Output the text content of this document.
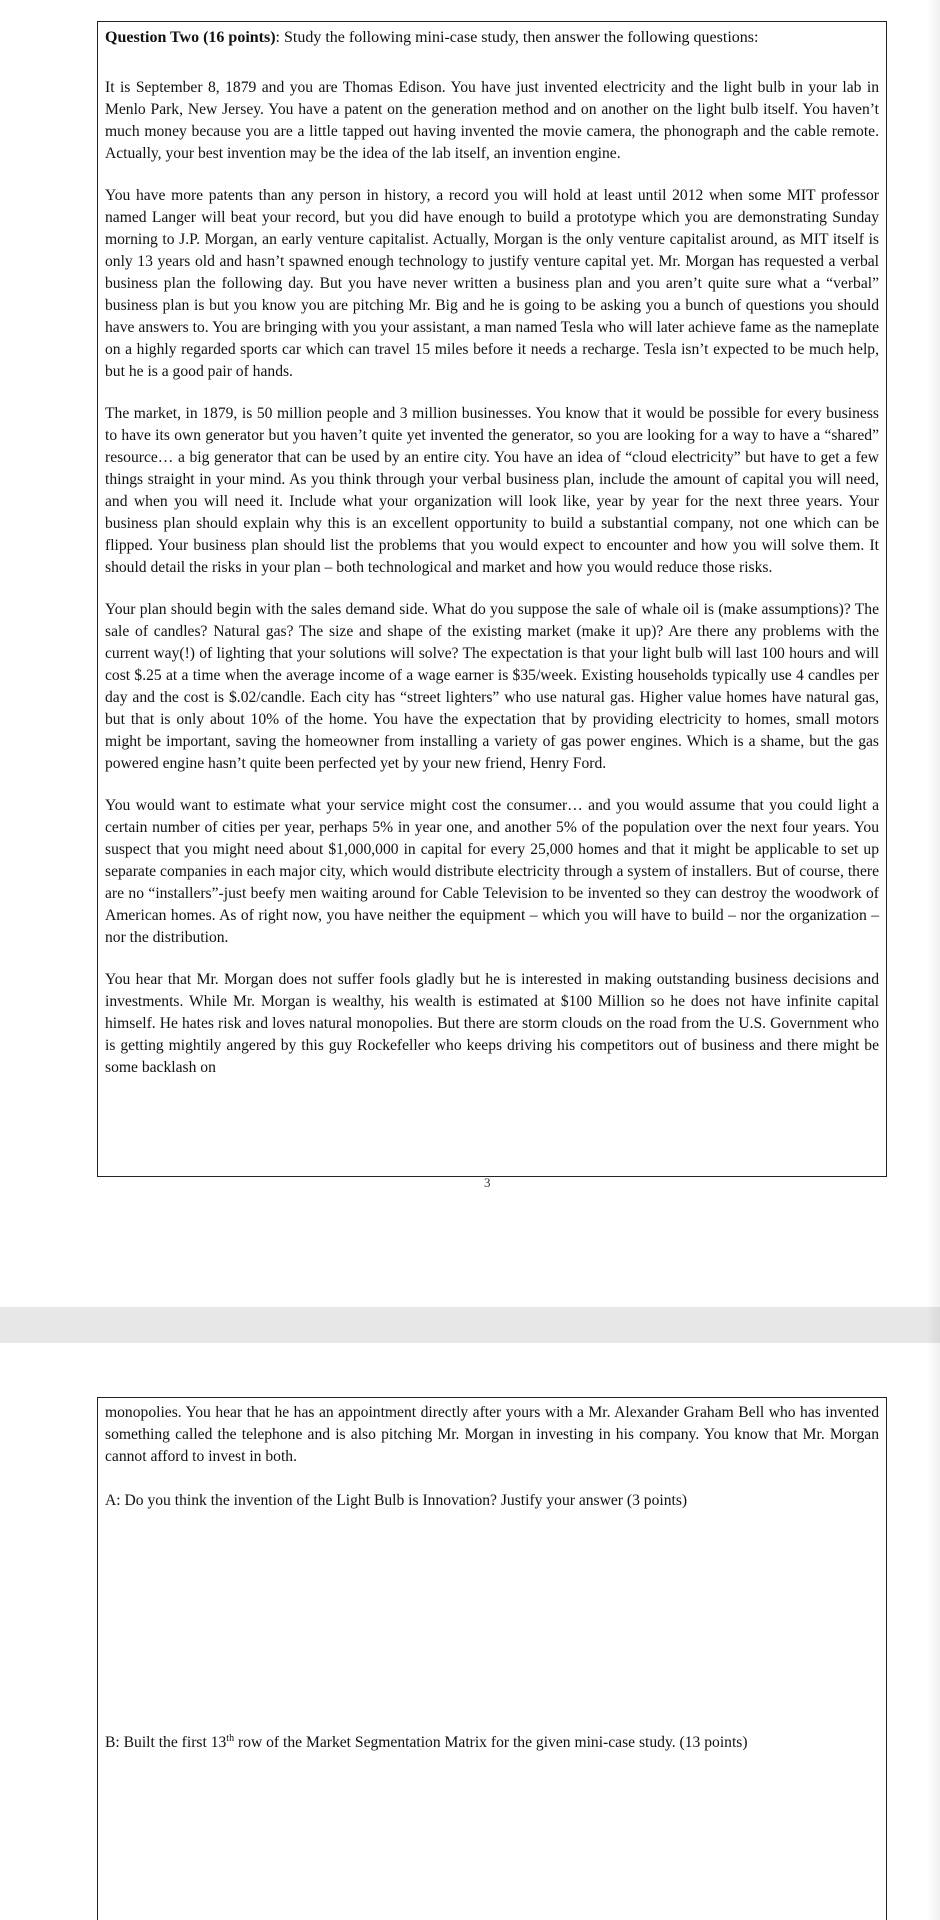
Question Two (16 points): Study the following mini-case study, then answer the following questions:

It is September 8, 1879 and you are Thomas Edison. You have just invented electricity and the light bulb in your lab in Menlo Park, New Jersey. You have a patent on the generation method and on another on the light bulb itself. You haven’t much money because you are a little tapped out having invented the movie camera, the phonograph and the cable remote. Actually, your best invention may be the idea of the lab itself, an invention engine.

You have more patents than any person in history, a record you will hold at least until 2012 when some MIT professor named Langer will beat your record, but you did have enough to build a prototype which you are demonstrating Sunday morning to J.P. Morgan, an early venture capitalist. Actually, Morgan is the only venture capitalist around, as MIT itself is only 13 years old and hasn’t spawned enough technology to justify venture capital yet. Mr. Morgan has requested a verbal business plan the following day. But you have never written a business plan and you aren’t quite sure what a “verbal” business plan is but you know you are pitching Mr. Big and he is going to be asking you a bunch of questions you should have answers to. You are bringing with you your assistant, a man named Tesla who will later achieve fame as the nameplate on a highly regarded sports car which can travel 15 miles before it needs a recharge. Tesla isn’t expected to be much help, but he is a good pair of hands.

The market, in 1879, is 50 million people and 3 million businesses. You know that it would be possible for every business to have its own generator but you haven’t quite yet invented the generator, so you are looking for a way to have a “shared” resource… a big generator that can be used by an entire city. You have an idea of “cloud electricity” but have to get a few things straight in your mind. As you think through your verbal business plan, include the amount of capital you will need, and when you will need it. Include what your organization will look like, year by year for the next three years. Your business plan should explain why this is an excellent opportunity to build a substantial company, not one which can be flipped. Your business plan should list the problems that you would expect to encounter and how you will solve them. It should detail the risks in your plan – both technological and market and how you would reduce those risks.

Your plan should begin with the sales demand side. What do you suppose the sale of whale oil is (make assumptions)? The sale of candles? Natural gas? The size and shape of the existing market (make it up)? Are there any problems with the current way(!) of lighting that your solutions will solve? The expectation is that your light bulb will last 100 hours and will cost $.25 at a time when the average income of a wage earner is $35/week. Existing households typically use 4 candles per day and the cost is $.02/candle. Each city has “street lighters” who use natural gas. Higher value homes have natural gas, but that is only about 10% of the home. You have the expectation that by providing electricity to homes, small motors might be important, saving the homeowner from installing a variety of gas power engines. Which is a shame, but the gas powered engine hasn’t quite been perfected yet by your new friend, Henry Ford.

You would want to estimate what your service might cost the consumer… and you would assume that you could light a certain number of cities per year, perhaps 5% in year one, and another 5% of the population over the next four years. You suspect that you might need about $1,000,000 in capital for every 25,000 homes and that it might be applicable to set up separate companies in each major city, which would distribute electricity through a system of installers. But of course, there are no “installers”-just beefy men waiting around for Cable Television to be invented so they can destroy the woodwork of American homes. As of right now, you have neither the equipment – which you will have to build – nor the organization – nor the distribution.

You hear that Mr. Morgan does not suffer fools gladly but he is interested in making outstanding business decisions and investments. While Mr. Morgan is wealthy, his wealth is estimated at $100 Million so he does not have infinite capital himself. He hates risk and loves natural monopolies. But there are storm clouds on the road from the U.S. Government who is getting mightily angered by this guy Rockefeller who keeps driving his competitors out of business and there might be some backlash on

3

monopolies. You hear that he has an appointment directly after yours with a Mr. Alexander Graham Bell who has invented something called the telephone and is also pitching Mr. Morgan in investing in his company. You know that Mr. Morgan cannot afford to invest in both.

A: Do you think the invention of the Light Bulb is Innovation? Justify your answer (3 points)
B: Built the first 13th row of the Market Segmentation Matrix for the given mini-case study. (13 points)
